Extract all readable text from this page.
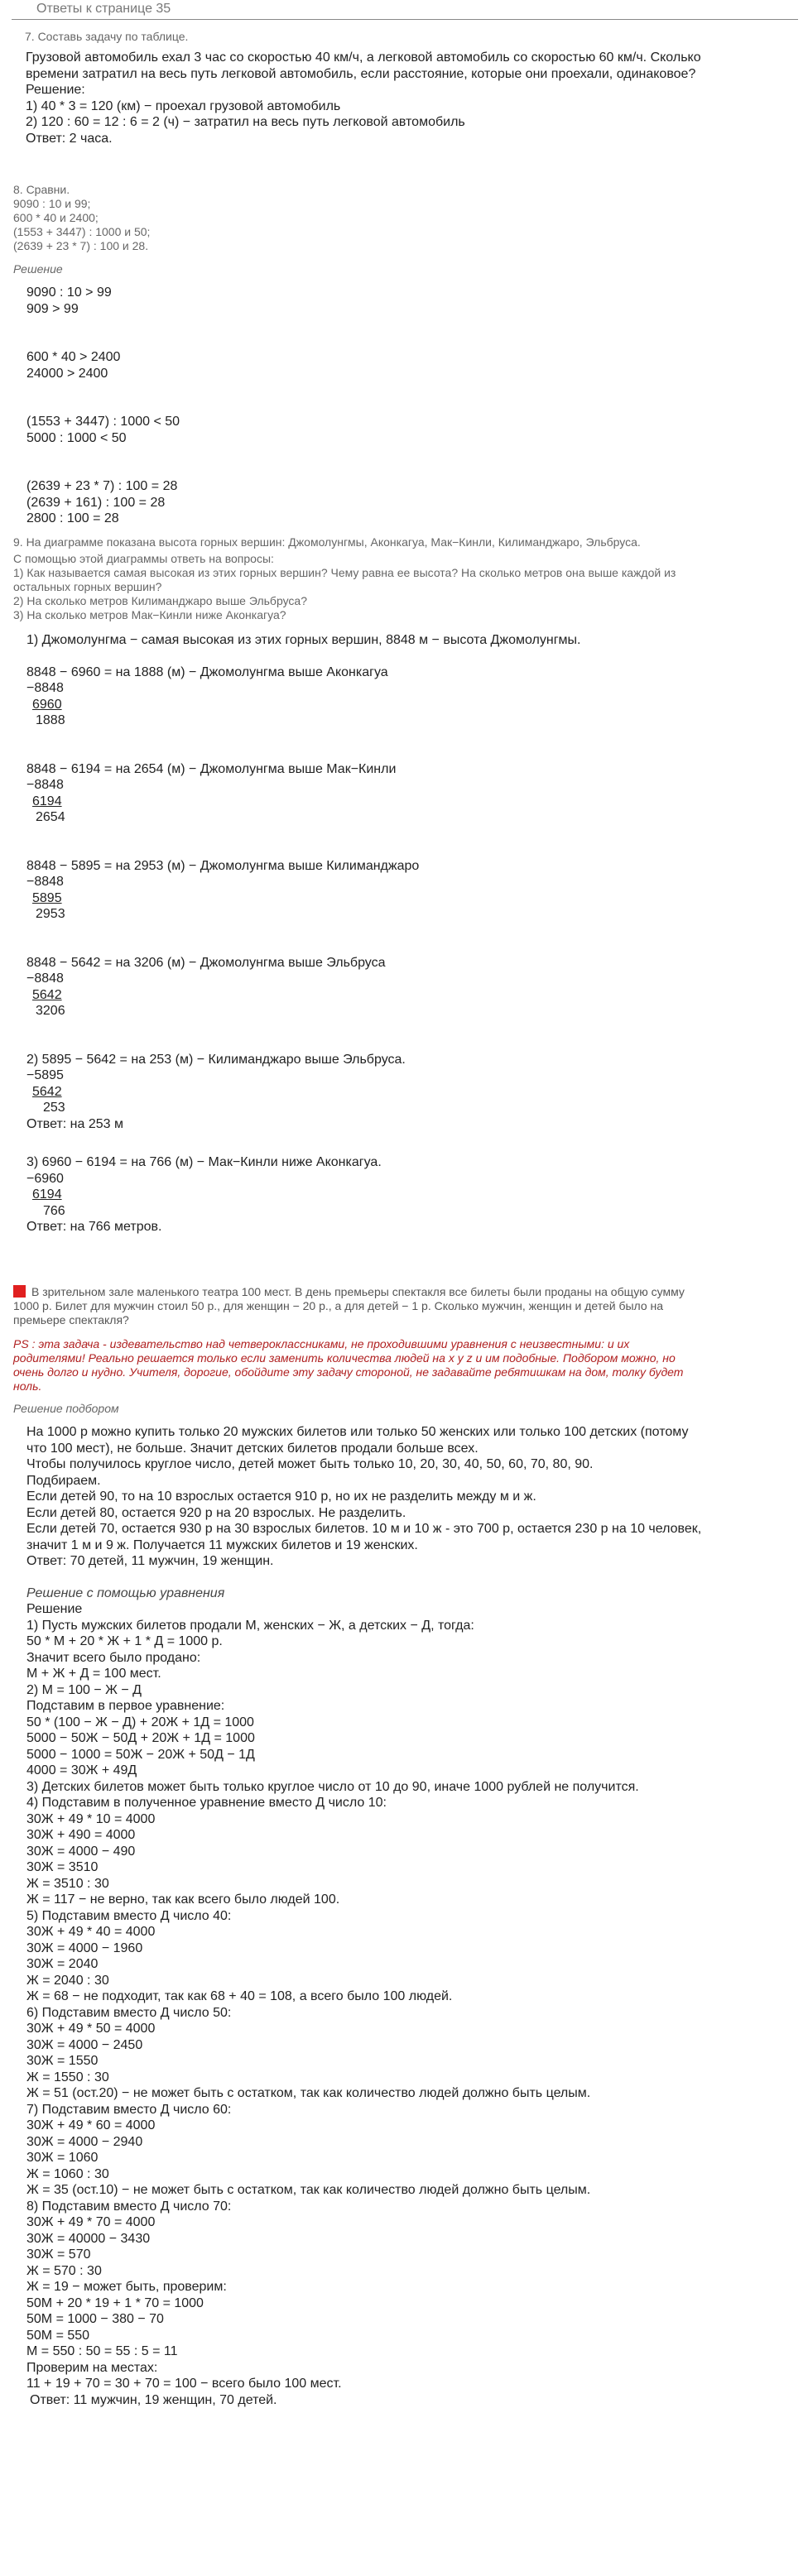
Ответы к странице 35
7. Составь задачу по таблице.
Грузовой автомобиль ехал 3 час со скоростью 40 км/ч, а легковой автомобиль со скоростью 60 км/ч. Сколько
времени затратил на весь путь легковой автомобиль, если расстояние, которые они проехали, одинаковое?
Решение:
1) 40 * 3 = 120 (км) − проехал грузовой автомобиль
2) 120 : 60 = 12 : 6 = 2 (ч) − затратил на весь путь легковой автомобиль
Ответ: 2 часа.
8. Сравни.
9090 : 10 и 99;
600 * 40 и 2400;
(1553 + 3447) : 1000 и 50;
(2639 + 23 * 7) : 100 и 28.
Решение
9090 : 10 > 99
909 > 99
600 * 40 > 2400
24000 > 2400
(1553 + 3447) : 1000 < 50
5000 : 1000 < 50
(2639 + 23 * 7) : 100 = 28
(2639 + 161) : 100 = 28
2800 : 100 = 28
9. На диаграмме показана высота горных вершин: Джомолунгмы, Аконкагуа, Мак−Кинли, Килиманджаро, Эльбруса.
С помощью этой диаграммы ответь на вопросы:
1) Как называется самая высокая из этих горных вершин? Чему равна ее высота? На сколько метров она выше каждой из
остальных горных вершин?
2) На сколько метров Килиманджаро выше Эльбруса?
3) На сколько метров Мак−Кинли ниже Аконкагуа?
1) Джомолунгма − самая высокая из этих горных вершин, 8848 м − высота Джомолунгмы.
8848 − 6960 = на 1888 (м) − Джомолунгма выше Аконкагуа
−8848
6960
1888
8848 − 6194 = на 2654 (м) − Джомолунгма выше Мак−Кинли
−8848
6194
2654
8848 − 5895 = на 2953 (м) − Джомолунгма выше Килиманджаро
−8848
5895
2953
8848 − 5642 = на 3206 (м) − Джомолунгма выше Эльбруса
−8848
5642
3206
2) 5895 − 5642 = на 253 (м) − Килиманджаро выше Эльбруса.
−5895
5642
253
Ответ: на 253 м
3) 6960 − 6194 = на 766 (м) − Мак−Кинли ниже Аконкагуа.
−6960
6194
766
Ответ: на 766 метров.
В зрительном зале маленького театра 100 мест. В день премьеры спектакля все билеты были проданы на общую сумму
1000 р. Билет для мужчин стоил 50 р., для женщин − 20 р., а для детей − 1 р. Сколько мужчин, женщин и детей было на
премьере спектакля?
PS : эта задача - издевательство над четвероклассниками, не проходившими уравнения с неизвестными: и их
родителями! Реально решается только если заменить количества людей на x y z и им подобные. Подбором можно, но
очень долго и нудно. Учителя, дорогие, обойдите эту задачу стороной, не задавайте ребятишкам на дом, толку будет
ноль.
Решение подбором
На 1000 р можно купить только 20 мужских билетов или только 50 женских или только 100 детских (потому
что 100 мест), не больше. Значит детских билетов продали больше всех.
Чтобы получилось круглое число, детей может быть только 10, 20, 30, 40, 50, 60, 70, 80, 90.
Подбираем.
Если детей 90, то на 10 взрослых остается 910 р, но их не разделить между м и ж.
Если детей 80, остается 920 р на 20 взрослых. Не разделить.
Если детей 70, остается 930 р на 30 взрослых билетов. 10 м и 10 ж - это 700 р, остается 230 р на 10 человек,
значит 1 м и 9 ж. Получается 11 мужских билетов и 19 женских.
Ответ: 70 детей, 11 мужчин, 19 женщин.
Решение с помощью уравнения
Решение
1) Пусть мужских билетов продали М, женских − Ж, а детских − Д, тогда:
50 * М + 20 * Ж + 1 * Д = 1000 р.
Значит всего было продано:
М + Ж + Д = 100 мест.
2) М = 100 − Ж − Д
Подставим в первое уравнение:
50 * (100 − Ж − Д) + 20Ж + 1Д = 1000
5000 − 50Ж − 50Д + 20Ж + 1Д = 1000
5000 − 1000 = 50Ж − 20Ж + 50Д − 1Д
4000 = 30Ж + 49Д
3) Детских билетов может быть только круглое число от 10 до 90, иначе 1000 рублей не получится.
4) Подставим в полученное уравнение вместо Д число 10:
30Ж + 49 * 10 = 4000
30Ж + 490 = 4000
30Ж = 4000 − 490
30Ж = 3510
Ж = 3510 : 30
Ж = 117 − не верно, так как всего было людей 100.
5) Подставим вместо Д число 40:
30Ж + 49 * 40 = 4000
30Ж = 4000 − 1960
30Ж = 2040
Ж = 2040 : 30
Ж = 68 − не подходит, так как 68 + 40 = 108, а всего было 100 людей.
6) Подставим вместо Д число 50:
30Ж + 49 * 50 = 4000
30Ж = 4000 − 2450
30Ж = 1550
Ж = 1550 : 30
Ж = 51 (ост.20) − не может быть с остатком, так как количество людей должно быть целым.
7) Подставим вместо Д число 60:
30Ж + 49 * 60 = 4000
30Ж = 4000 − 2940
30Ж = 1060
Ж = 1060 : 30
Ж = 35 (ост.10) − не может быть с остатком, так как количество людей должно быть целым.
8) Подставим вместо Д число 70:
30Ж + 49 * 70 = 4000
30Ж = 40000 − 3430
30Ж = 570
Ж = 570 : 30
Ж = 19 − может быть, проверим:
50М + 20 * 19 + 1 * 70 = 1000
50М = 1000 − 380 − 70
50М = 550
М = 550 : 50 = 55 : 5 = 11
Проверим на местах:
11 + 19 + 70 = 30 + 70 = 100 − всего было 100 мест.
Ответ: 11 мужчин, 19 женщин, 70 детей.
